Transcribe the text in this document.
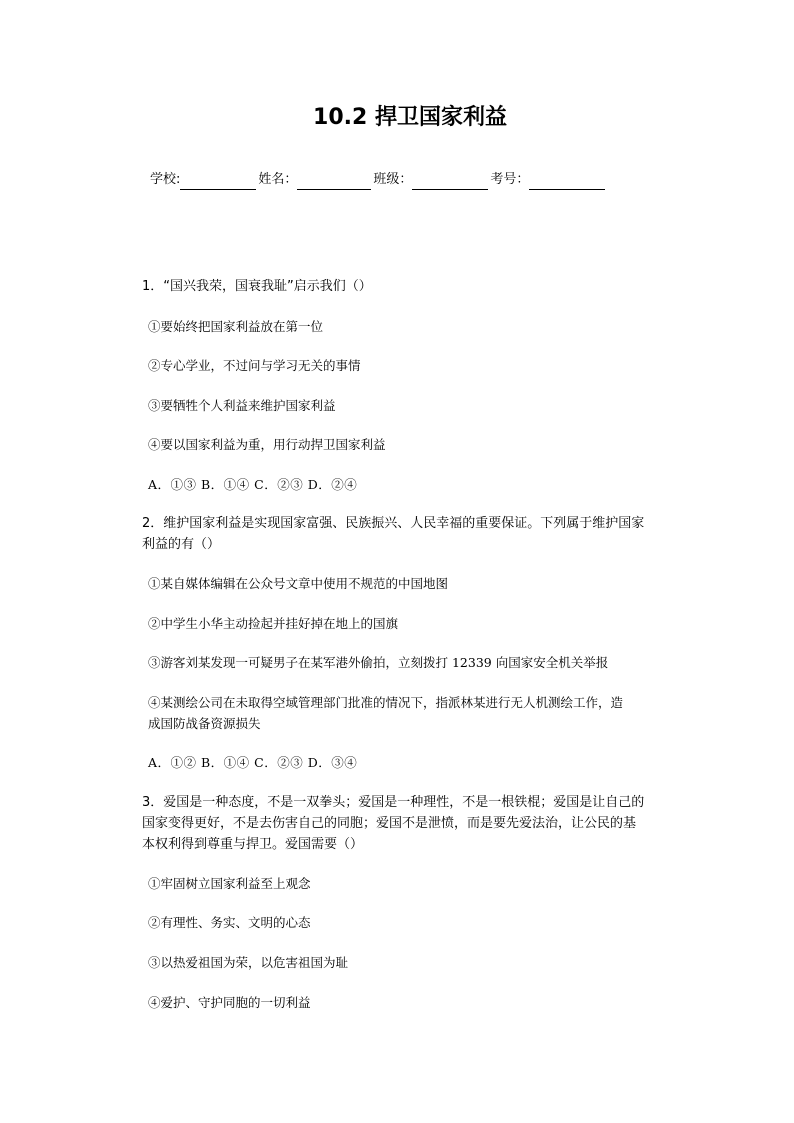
10.2 捍卫国家利益
学校:	姓名：	班级：	考号：

1．“国兴我荣，国衰我耻”启示我们（）

①要始终把国家利益放在第一位

②专心学业，不过问与学习无关的事情

③要牺牲个人利益来维护国家利益

④要以国家利益为重，用行动捍卫国家利益

A．①③ B．①④ C．②③ D．②④

2．维护国家利益是实现国家富强、民族振兴、人民幸福的重要保证。下列属于维护国家

利益的有（）

①某自媒体编辑在公众号文章中使用不规范的中国地图

②中学生小华主动捡起并挂好掉在地上的国旗

③游客刘某发现一可疑男子在某军港外偷拍，立刻拨打 12339 向国家安全机关举报

④某测绘公司在未取得空域管理部门批准的情况下，指派林某进行无人机测绘工作，造

成国防战备资源损失

A．①② B．①④ C．②③ D．③④

3．爱国是一种态度，不是一双拳头；爱国是一种理性，不是一根铁棍；爱国是让自己的

国家变得更好，不是去伤害自己的同胞；爱国不是泄愤，而是要先爱法治，让公民的基

本权利得到尊重与捍卫。爱国需要（）

①牢固树立国家利益至上观念

②有理性、务实、文明的心态

③以热爱祖国为荣，以危害祖国为耻

④爱护、守护同胞的一切利益
